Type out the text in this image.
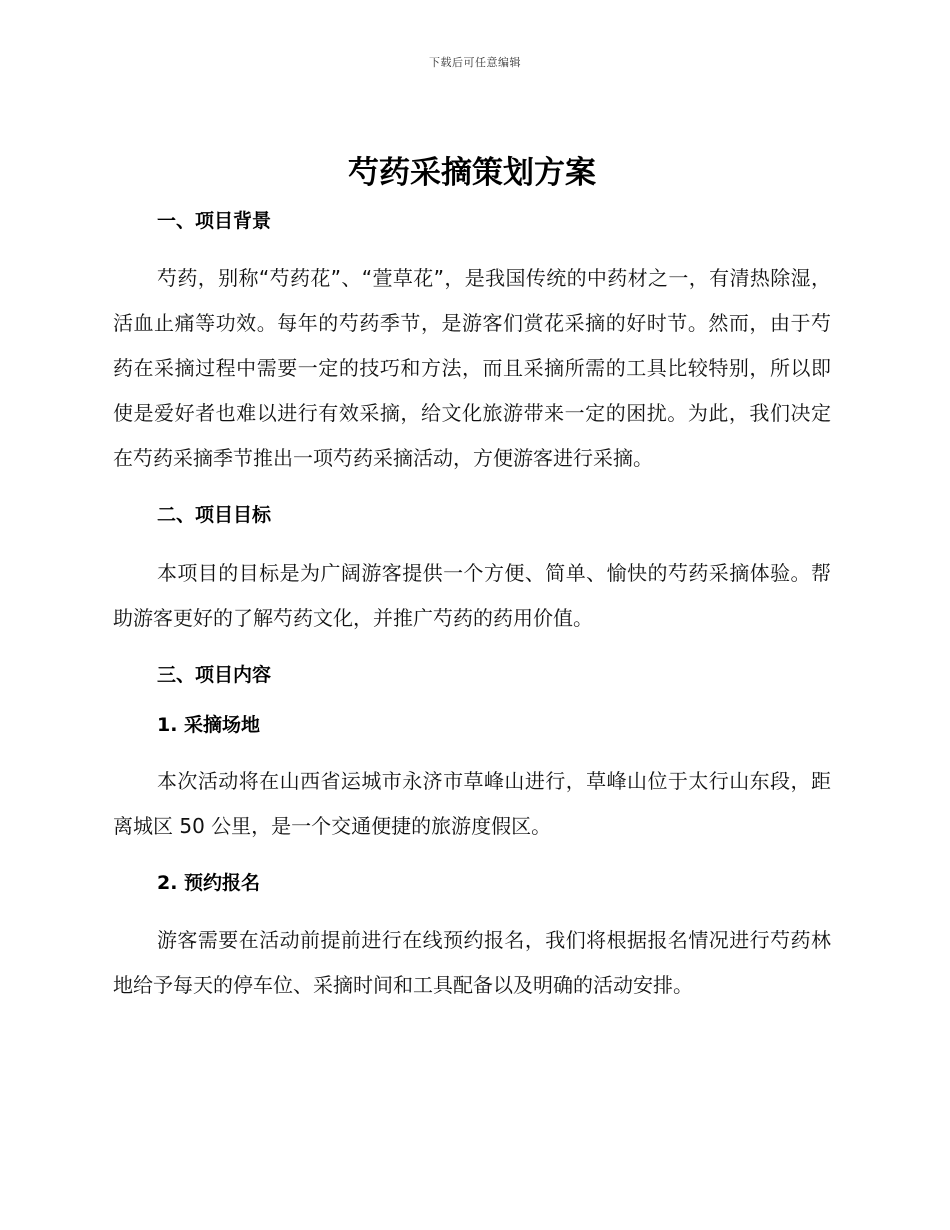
下载后可任意编辑
芍药采摘策划方案
一、项目背景

芍药，别称“芍药花”、“萱草花”，是我国传统的中药材之一，有清热除湿，活血止痛等功效。每年的芍药季节，是游客们赏花采摘的好时节。然而，由于芍药在采摘过程中需要一定的技巧和方法，而且采摘所需的工具比较特别，所以即使是爱好者也难以进行有效采摘，给文化旅游带来一定的困扰。为此，我们决定在芍药采摘季节推出一项芍药采摘活动，方便游客进行采摘。

二、项目目标

本项目的目标是为广阔游客提供一个方便、简单、愉快的芍药采摘体验。帮助游客更好的了解芍药文化，并推广芍药的药用价值。

三、项目内容
1. 采摘场地

本次活动将在山西省运城市永济市草峰山进行，草峰山位于太行山东段，距离城区 50 公里，是一个交通便捷的旅游度假区。

2. 预约报名

游客需要在活动前提前进行在线预约报名，我们将根据报名情况进行芍药林地给予每天的停车位、采摘时间和工具配备以及明确的活动安排。
